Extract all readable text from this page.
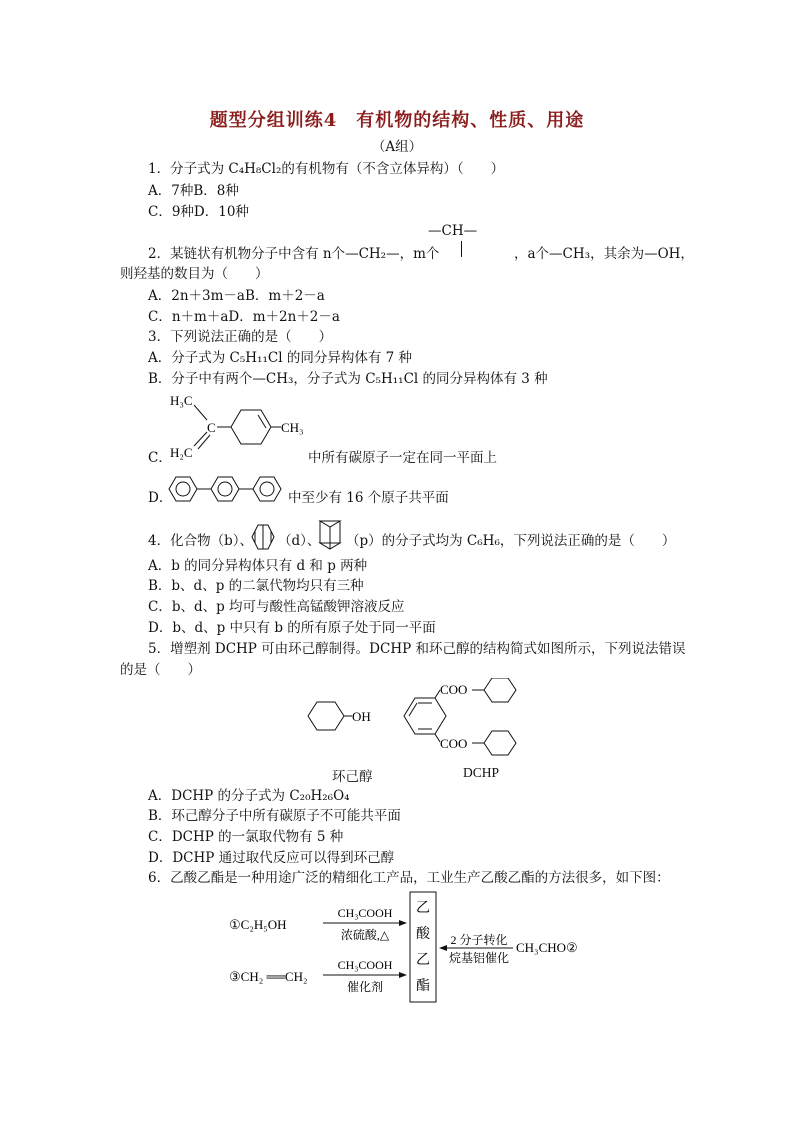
题型分组训练4　有机物的结构、性质、用途
（A组）
1．分子式为 C₄H₈Cl₂的有机物有（不含立体异构）（　　）
A．7种B．8种
C．9种D．10种
—CH—
2．某链状有机物分子中含有 n个—CH₂—，m个	，a个—CH₃，其余为—OH，
则羟基的数目为（　　）
A．2n＋3m－aB．m＋2－a
C．n＋m＋aD．m＋2n＋2－a
3．下列说法正确的是（　　）
A．分子式为 C₅H₁₁Cl 的同分异构体有 7 种
B．分子中有两个—CH₃，分子式为 C₅H₁₁Cl 的同分异构体有 3 种
H₃C
H₂C
C	CH₃
C．	中所有碳原子一定在同一平面上
D．	中至少有 16 个原子共平面
4．化合物（b）、 （d）、 （p）的分子式均为 C₆H₆，下列说法正确的是（　　）
A．b 的同分异构体只有 d 和 p 两种
B．b、d、p 的二氯代物均只有三种
C．b、d、p 均可与酸性高锰酸钾溶液反应
D．b、d、p 中只有 b 的所有原子处于同一平面
5．增塑剂 DCHP 可由环己醇制得。DCHP 和环己醇的结构简式如图所示，下列说法错误
的是（　　）
OH
COO
COO
环己醇	DCHP
A．DCHP 的分子式为 C₂₀H₂₆O₄
B．环己醇分子中所有碳原子不可能共平面
C．DCHP 的一氯取代物有 5 种
D．DCHP 通过取代反应可以得到环己醇
6．乙酸乙酯是一种用途广泛的精细化工产品，工业生产乙酸乙酯的方法很多，如下图：
乙
酸
乙
酯
①C₂H₅OH
CH₃COOH
浓硫酸,△	2 分子转化
烷基铝催化
CH₃CHO②
③CH₂ ══CH₂
CH₃COOH
催化剂
